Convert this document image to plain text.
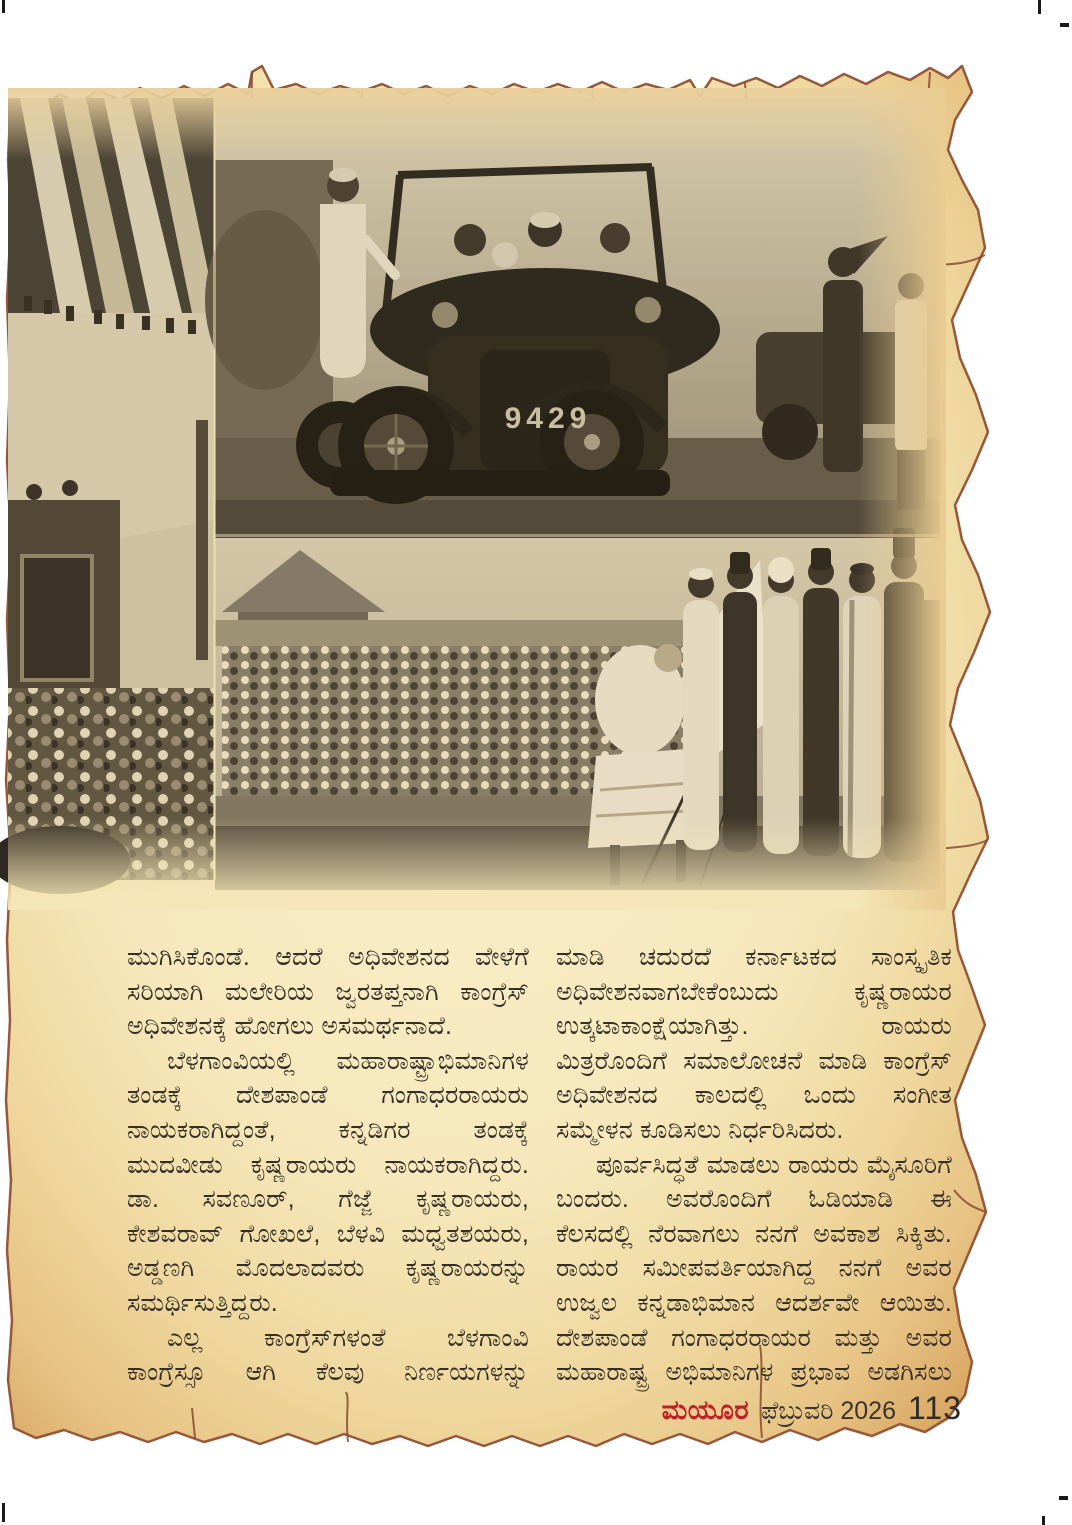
9429
ಮುಗಿಸಿಕೊಂಡೆ. ಆದರೆ ಅಧಿವೇಶನದ ವೇಳೆಗೆ
ಸರಿಯಾಗಿ ಮಲೇರಿಯ ಜ್ವರತಪ್ತನಾಗಿ ಕಾಂಗ್ರೆಸ್
ಅಧಿವೇಶನಕ್ಕೆ ಹೋಗಲು ಅಸಮರ್ಥನಾದೆ.
ಬೆಳಗಾಂವಿಯಲ್ಲಿ ಮಹಾರಾಷ್ಟ್ರಾಭಿಮಾನಿಗಳ
ತಂಡಕ್ಕೆ ದೇಶಪಾಂಡೆ ಗಂಗಾಧರರಾಯರು
ನಾಯಕರಾಗಿದ್ದಂತೆ, ಕನ್ನಡಿಗರ ತಂಡಕ್ಕೆ
ಮುದವೀಡು ಕೃಷ್ಣರಾಯರು ನಾಯಕರಾಗಿದ್ದರು.
ಡಾ. ಸವಣೂರ್, ಗೆಜ್ಜೆ ಕೃಷ್ಣರಾಯರು,
ಕೇಶವರಾವ್ ಗೋಖಲೆ, ಬೆಳವಿ ಮಧ್ವತಶಯರು,
ಅಡ್ಡಣಗಿ ಮೊದಲಾದವರು ಕೃಷ್ಣರಾಯರನ್ನು
ಸಮರ್ಥಿಸುತ್ತಿದ್ದರು.
ಎಲ್ಲ ಕಾಂಗ್ರೆಸ್‌ಗಳಂತೆ ಬೆಳಗಾಂವಿ
ಕಾಂಗ್ರೆಸ್ಸೂ ಆಗಿ ಕೆಲವು ನಿರ್ಣಯಗಳನ್ನು
ಮಾಡಿ ಚದುರದೆ ಕರ್ನಾಟಕದ ಸಾಂಸ್ಕೃತಿಕ
ಅಧಿವೇಶನವಾಗಬೇಕೆಂಬುದು ಕೃಷ್ಣರಾಯರ
ಉತ್ಕಟಾಕಾಂಕ್ಷೆಯಾಗಿತ್ತು. ರಾಯರು
ಮಿತ್ರರೊಂದಿಗೆ ಸಮಾಲೋಚನೆ ಮಾಡಿ ಕಾಂಗ್ರೆಸ್
ಅಧಿವೇಶನದ ಕಾಲದಲ್ಲಿ ಒಂದು ಸಂಗೀತ
ಸಮ್ಮೇಳನ ಕೂಡಿಸಲು ನಿರ್ಧರಿಸಿದರು.
ಪೂರ್ವಸಿದ್ಧತೆ ಮಾಡಲು ರಾಯರು ಮೈಸೂರಿಗೆ
ಬಂದರು. ಅವರೊಂದಿಗೆ ಓಡಿಯಾಡಿ ಈ
ಕೆಲಸದಲ್ಲಿ ನೆರವಾಗಲು ನನಗೆ ಅವಕಾಶ ಸಿಕ್ಕಿತು.
ರಾಯರ ಸಮೀಪವರ್ತಿಯಾಗಿದ್ದ ನನಗೆ ಅವರ
ಉಜ್ವಲ ಕನ್ನಡಾಭಿಮಾನ ಆದರ್ಶವೇ ಆಯಿತು.
ದೇಶಪಾಂಡೆ ಗಂಗಾಧರರಾಯರ ಮತ್ತು ಅವರ
ಮಹಾರಾಷ್ಟ್ರ ಅಭಿಮಾನಿಗಳ ಪ್ರಭಾವ ಅಡಗಿಸಲು
ಮಯೂರ ಫೆಬ್ರುವರಿ 2026 113
